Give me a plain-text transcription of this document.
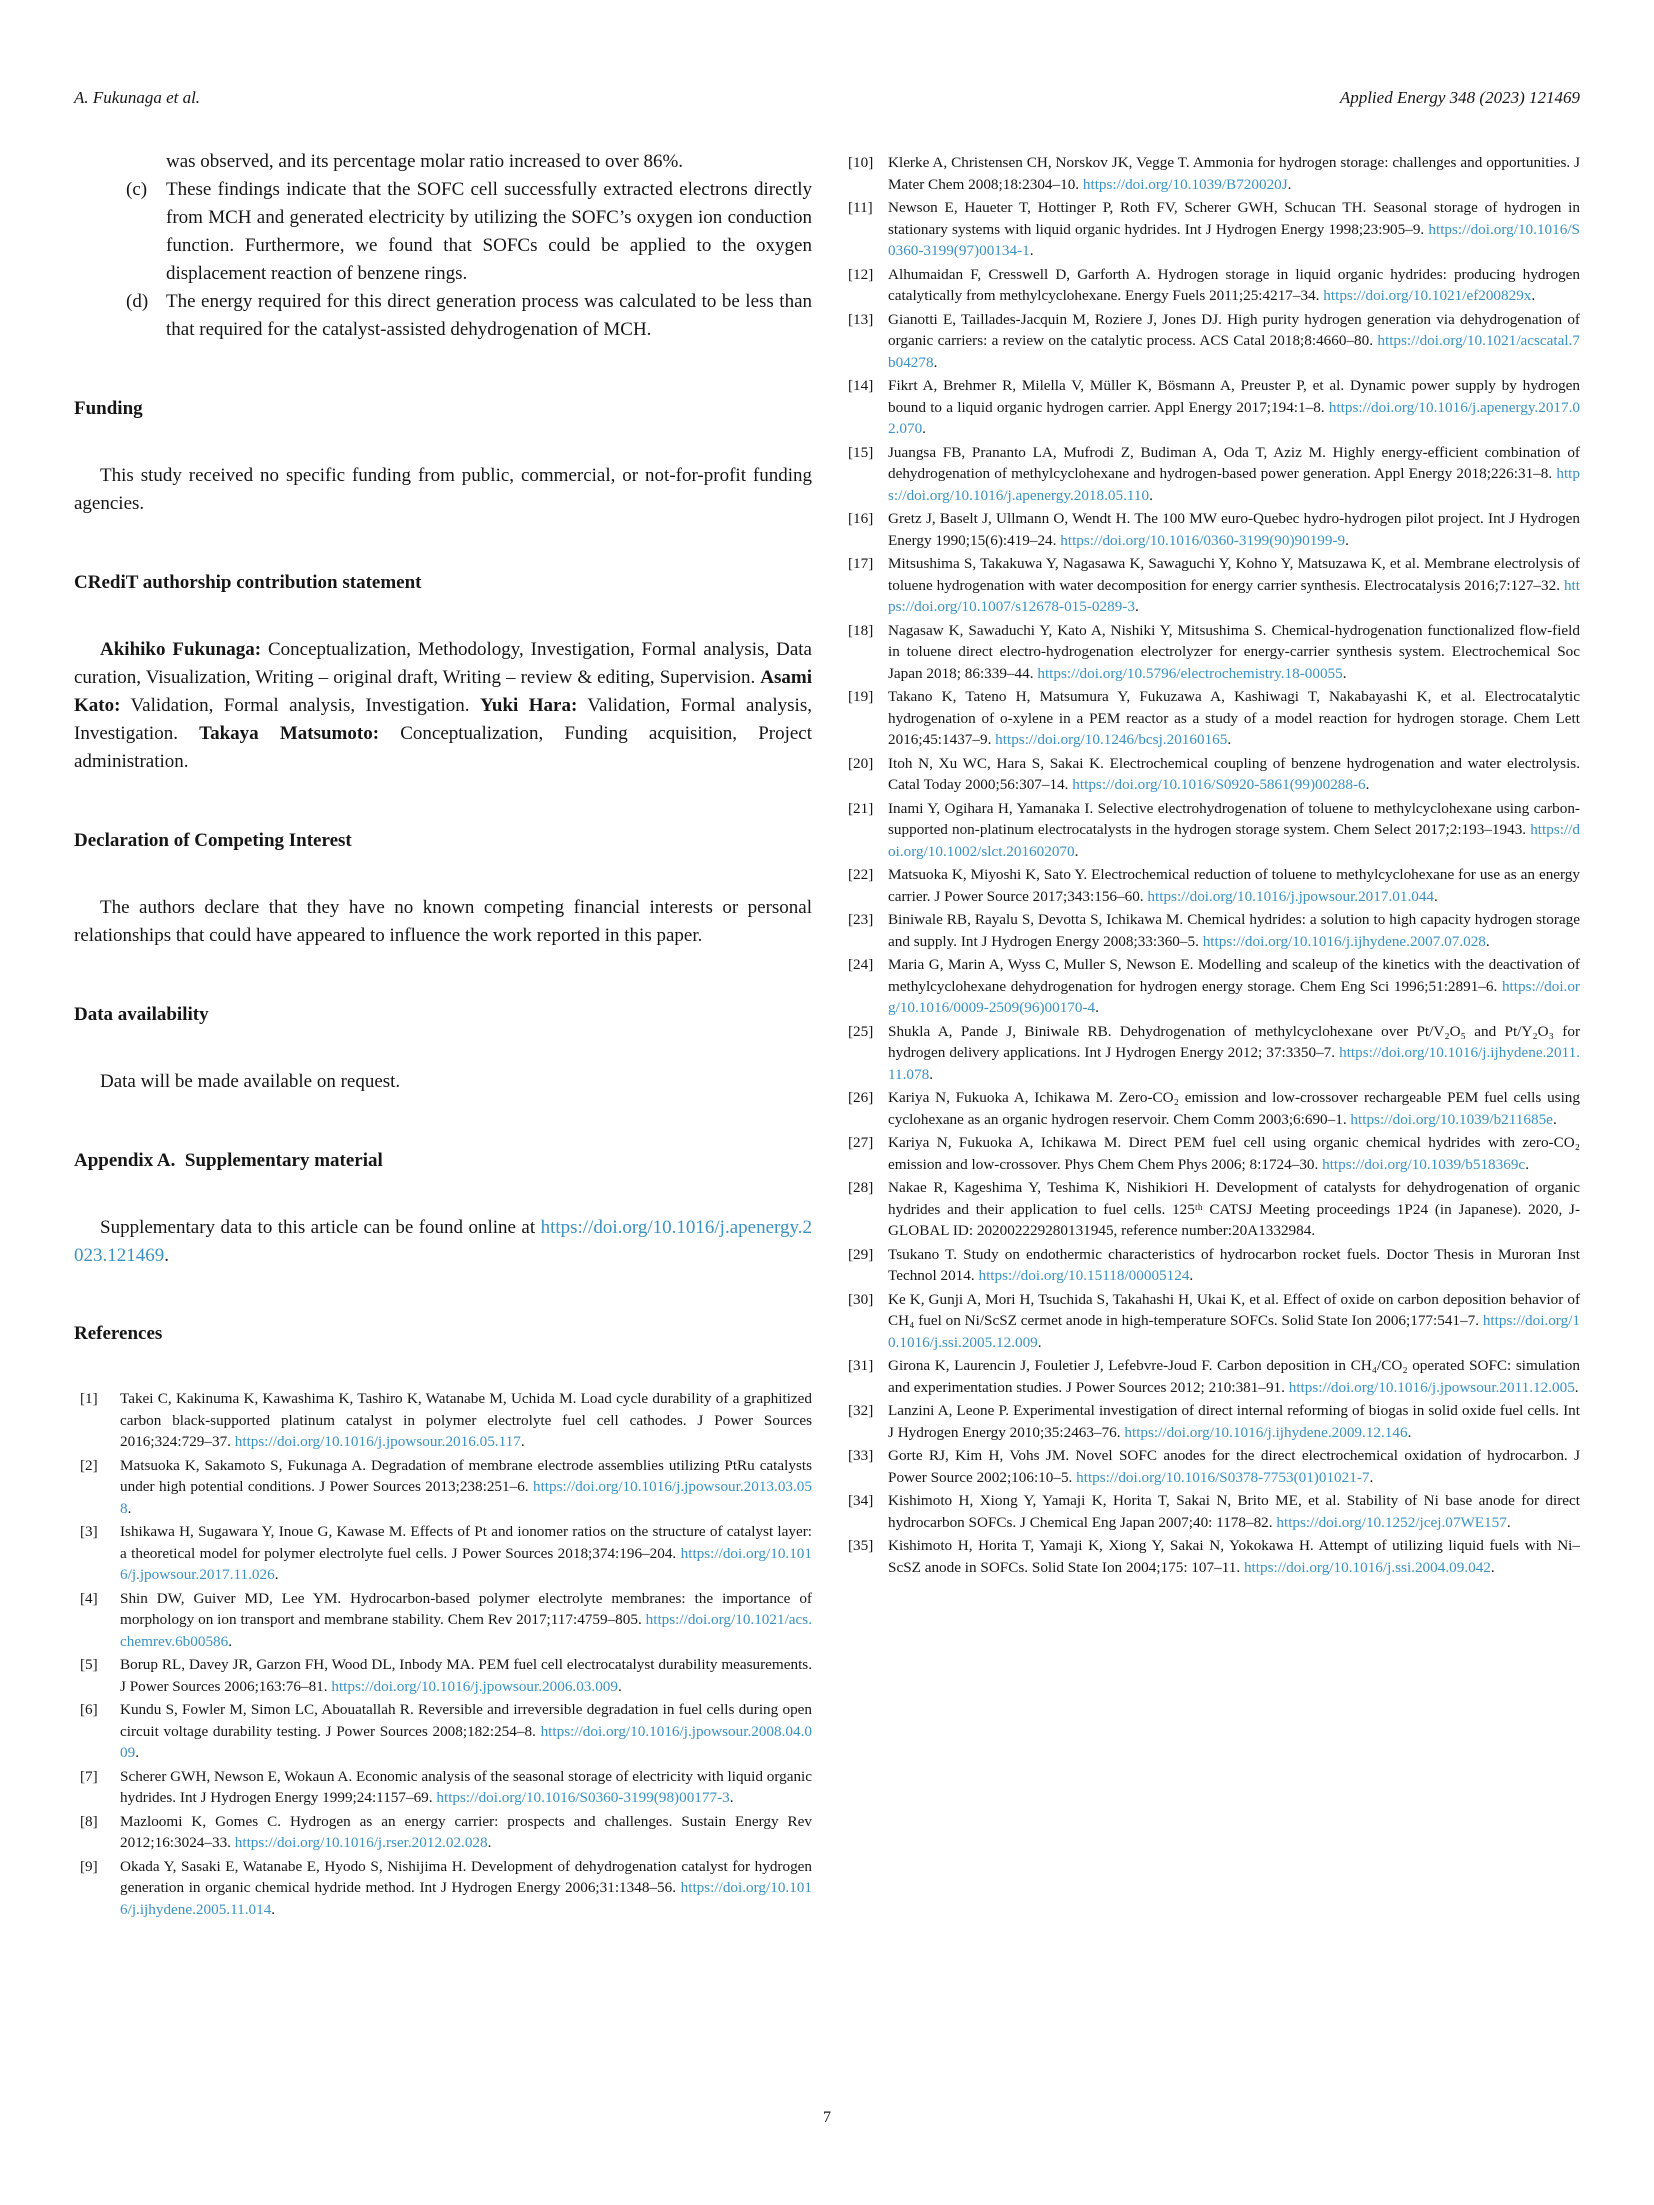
A. Fukunaga et al.	Applied Energy 348 (2023) 121469

was observed, and its percentage molar ratio increased to over 86%.

(c) These findings indicate that the SOFC cell successfully extracted electrons directly from MCH and generated electricity by utilizing the SOFC’s oxygen ion conduction function. Furthermore, we found that SOFCs could be applied to the oxygen displacement reaction of benzene rings.
(d) The energy required for this direct generation process was calculated to be less than that required for the catalyst-assisted dehydrogenation of MCH.
Funding

This study received no specific funding from public, commercial, or not-for-profit funding agencies.

CRediT authorship contribution statement

Akihiko Fukunaga: Conceptualization, Methodology, Investigation, Formal analysis, Data curation, Visualization, Writing – original draft, Writing – review & editing, Supervision. Asami Kato: Validation, Formal analysis, Investigation. Yuki Hara: Validation, Formal analysis, Investigation. Takaya Matsumoto: Conceptualization, Funding acquisition, Project administration.

Declaration of Competing Interest

The authors declare that they have no known competing financial interests or personal relationships that could have appeared to influence the work reported in this paper.

Data availability

Data will be made available on request.

Appendix A.  Supplementary material

Supplementary data to this article can be found online at https://doi.org/10.1016/j.apenergy.2023.121469.

References
[1] Takei C, Kakinuma K, Kawashima K, Tashiro K, Watanabe M, Uchida M. Load cycle durability of a graphitized carbon black-supported platinum catalyst in polymer electrolyte fuel cell cathodes. J Power Sources 2016;324:729–37. https://doi.org/10.1016/j.jpowsour.2016.05.117.
[2] Matsuoka K, Sakamoto S, Fukunaga A. Degradation of membrane electrode assemblies utilizing PtRu catalysts under high potential conditions. J Power Sources 2013;238:251–6. https://doi.org/10.1016/j.jpowsour.2013.03.058.
[3] Ishikawa H, Sugawara Y, Inoue G, Kawase M. Effects of Pt and ionomer ratios on the structure of catalyst layer: a theoretical model for polymer electrolyte fuel cells. J Power Sources 2018;374:196–204. https://doi.org/10.1016/j.jpowsour.2017.11.026.
[4] Shin DW, Guiver MD, Lee YM. Hydrocarbon-based polymer electrolyte membranes: the importance of morphology on ion transport and membrane stability. Chem Rev 2017;117:4759–805. https://doi.org/10.1021/acs.chemrev.6b00586.
[5] Borup RL, Davey JR, Garzon FH, Wood DL, Inbody MA. PEM fuel cell electrocatalyst durability measurements. J Power Sources 2006;163:76–81. https://doi.org/10.1016/j.jpowsour.2006.03.009.
[6] Kundu S, Fowler M, Simon LC, Abouatallah R. Reversible and irreversible degradation in fuel cells during open circuit voltage durability testing. J Power Sources 2008;182:254–8. https://doi.org/10.1016/j.jpowsour.2008.04.009.
[7] Scherer GWH, Newson E, Wokaun A. Economic analysis of the seasonal storage of electricity with liquid organic hydrides. Int J Hydrogen Energy 1999;24:1157–69. https://doi.org/10.1016/S0360-3199(98)00177-3.
[8] Mazloomi K, Gomes C. Hydrogen as an energy carrier: prospects and challenges. Sustain Energy Rev 2012;16:3024–33. https://doi.org/10.1016/j.rser.2012.02.028.
[9] Okada Y, Sasaki E, Watanabe E, Hyodo S, Nishijima H. Development of dehydrogenation catalyst for hydrogen generation in organic chemical hydride method. Int J Hydrogen Energy 2006;31:1348–56. https://doi.org/10.1016/j.ijhydene.2005.11.014.
[10] Klerke A, Christensen CH, Norskov JK, Vegge T. Ammonia for hydrogen storage: challenges and opportunities. J Mater Chem 2008;18:2304–10. https://doi.org/10.1039/B720020J.
[11] Newson E, Haueter T, Hottinger P, Roth FV, Scherer GWH, Schucan TH. Seasonal storage of hydrogen in stationary systems with liquid organic hydrides. Int J Hydrogen Energy 1998;23:905–9. https://doi.org/10.1016/S0360-3199(97)00134-1.
[12] Alhumaidan F, Cresswell D, Garforth A. Hydrogen storage in liquid organic hydrides: producing hydrogen catalytically from methylcyclohexane. Energy Fuels 2011;25:4217–34. https://doi.org/10.1021/ef200829x.
[13] Gianotti E, Taillades-Jacquin M, Roziere J, Jones DJ. High purity hydrogen generation via dehydrogenation of organic carriers: a review on the catalytic process. ACS Catal 2018;8:4660–80. https://doi.org/10.1021/acscatal.7b04278.
[14] Fikrt A, Brehmer R, Milella V, Müller K, Bösmann A, Preuster P, et al. Dynamic power supply by hydrogen bound to a liquid organic hydrogen carrier. Appl Energy 2017;194:1–8. https://doi.org/10.1016/j.apenergy.2017.02.070.
[15] Juangsa FB, Prananto LA, Mufrodi Z, Budiman A, Oda T, Aziz M. Highly energy-efficient combination of dehydrogenation of methylcyclohexane and hydrogen-based power generation. Appl Energy 2018;226:31–8. https://doi.org/10.1016/j.apenergy.2018.05.110.
[16] Gretz J, Baselt J, Ullmann O, Wendt H. The 100 MW euro-Quebec hydro-hydrogen pilot project. Int J Hydrogen Energy 1990;15(6):419–24. https://doi.org/10.1016/0360-3199(90)90199-9.
[17] Mitsushima S, Takakuwa Y, Nagasawa K, Sawaguchi Y, Kohno Y, Matsuzawa K, et al. Membrane electrolysis of toluene hydrogenation with water decomposition for energy carrier synthesis. Electrocatalysis 2016;7:127–32. https://doi.org/10.1007/s12678-015-0289-3.
[18] Nagasaw K, Sawaduchi Y, Kato A, Nishiki Y, Mitsushima S. Chemical-hydrogenation functionalized flow-field in toluene direct electro-hydrogenation electrolyzer for energy-carrier synthesis system. Electrochemical Soc Japan 2018; 86:339–44. https://doi.org/10.5796/electrochemistry.18-00055.
[19] Takano K, Tateno H, Matsumura Y, Fukuzawa A, Kashiwagi T, Nakabayashi K, et al. Electrocatalytic hydrogenation of o-xylene in a PEM reactor as a study of a model reaction for hydrogen storage. Chem Lett 2016;45:1437–9. https://doi.org/10.1246/bcsj.20160165.
[20] Itoh N, Xu WC, Hara S, Sakai K. Electrochemical coupling of benzene hydrogenation and water electrolysis. Catal Today 2000;56:307–14. https://doi.org/10.1016/S0920-5861(99)00288-6.
[21] Inami Y, Ogihara H, Yamanaka I. Selective electrohydrogenation of toluene to methylcyclohexane using carbon-supported non-platinum electrocatalysts in the hydrogen storage system. Chem Select 2017;2:193–1943. https://doi.org/10.1002/slct.201602070.
[22] Matsuoka K, Miyoshi K, Sato Y. Electrochemical reduction of toluene to methylcyclohexane for use as an energy carrier. J Power Source 2017;343:156–60. https://doi.org/10.1016/j.jpowsour.2017.01.044.
[23] Biniwale RB, Rayalu S, Devotta S, Ichikawa M. Chemical hydrides: a solution to high capacity hydrogen storage and supply. Int J Hydrogen Energy 2008;33:360–5. https://doi.org/10.1016/j.ijhydene.2007.07.028.
[24] Maria G, Marin A, Wyss C, Muller S, Newson E. Modelling and scaleup of the kinetics with the deactivation of methylcyclohexane dehydrogenation for hydrogen energy storage. Chem Eng Sci 1996;51:2891–6. https://doi.org/10.1016/0009-2509(96)00170-4.
[25] Shukla A, Pande J, Biniwale RB. Dehydrogenation of methylcyclohexane over Pt/V₂O₅ and Pt/Y₂O₃ for hydrogen delivery applications. Int J Hydrogen Energy 2012; 37:3350–7. https://doi.org/10.1016/j.ijhydene.2011.11.078.
[26] Kariya N, Fukuoka A, Ichikawa M. Zero-CO₂ emission and low-crossover rechargeable PEM fuel cells using cyclohexane as an organic hydrogen reservoir. Chem Comm 2003;6:690–1. https://doi.org/10.1039/b211685e.
[27] Kariya N, Fukuoka A, Ichikawa M. Direct PEM fuel cell using organic chemical hydrides with zero-CO₂ emission and low-crossover. Phys Chem Chem Phys 2006; 8:1724–30. https://doi.org/10.1039/b518369c.
[28] Nakae R, Kageshima Y, Teshima K, Nishikiori H. Development of catalysts for dehydrogenation of organic hydrides and their application to fuel cells. 125ᵗʰ CATSJ Meeting proceedings 1P24 (in Japanese). 2020, J-GLOBAL ID: 202002229280131945, reference number:20A1332984.
[29] Tsukano T. Study on endothermic characteristics of hydrocarbon rocket fuels. Doctor Thesis in Muroran Inst Technol 2014. https://doi.org/10.15118/00005124.
[30] Ke K, Gunji A, Mori H, Tsuchida S, Takahashi H, Ukai K, et al. Effect of oxide on carbon deposition behavior of CH₄ fuel on Ni/ScSZ cermet anode in high-temperature SOFCs. Solid State Ion 2006;177:541–7. https://doi.org/10.1016/j.ssi.2005.12.009.
[31] Girona K, Laurencin J, Fouletier J, Lefebvre-Joud F. Carbon deposition in CH₄/CO₂ operated SOFC: simulation and experimentation studies. J Power Sources 2012; 210:381–91. https://doi.org/10.1016/j.jpowsour.2011.12.005.
[32] Lanzini A, Leone P. Experimental investigation of direct internal reforming of biogas in solid oxide fuel cells. Int J Hydrogen Energy 2010;35:2463–76. https://doi.org/10.1016/j.ijhydene.2009.12.146.
[33] Gorte RJ, Kim H, Vohs JM. Novel SOFC anodes for the direct electrochemical oxidation of hydrocarbon. J Power Source 2002;106:10–5. https://doi.org/10.1016/S0378-7753(01)01021-7.
[34] Kishimoto H, Xiong Y, Yamaji K, Horita T, Sakai N, Brito ME, et al. Stability of Ni base anode for direct hydrocarbon SOFCs. J Chemical Eng Japan 2007;40: 1178–82. https://doi.org/10.1252/jcej.07WE157.
[35] Kishimoto H, Horita T, Yamaji K, Xiong Y, Sakai N, Yokokawa H. Attempt of utilizing liquid fuels with Ni–ScSZ anode in SOFCs. Solid State Ion 2004;175: 107–11. https://doi.org/10.1016/j.ssi.2004.09.042.
7
